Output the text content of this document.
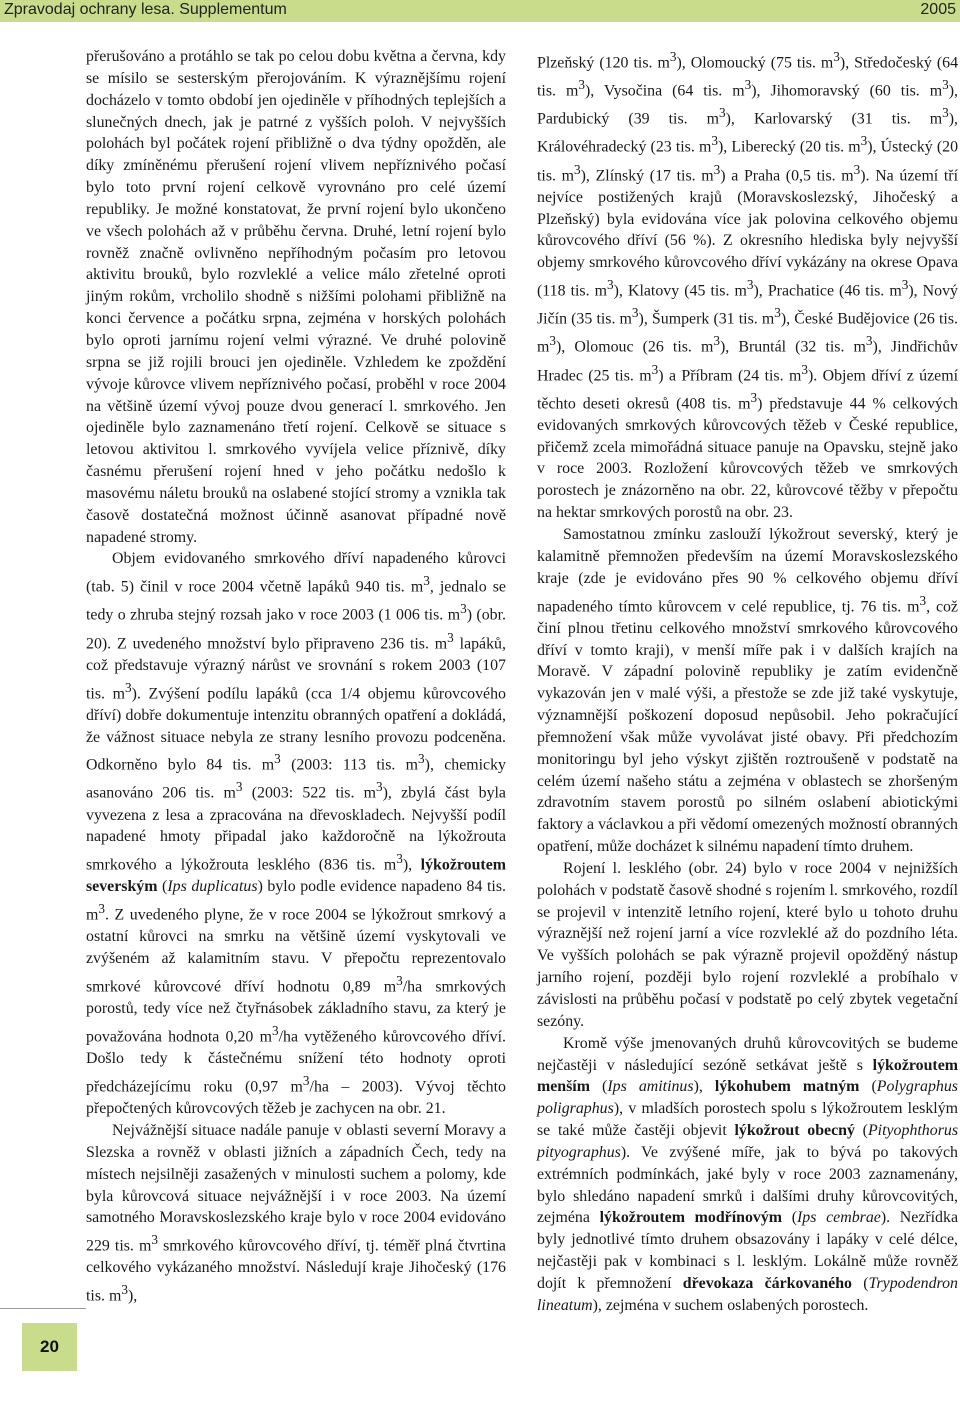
Zpravodaj ochrany lesa. Supplementum	2005

přerušováno a protáhlo se tak po celou dobu května a června, kdy se mísilo se sesterským přerojováním. K výraznějšímu rojení docházelo v tomto období jen ojediněle v příhodných teplejších a slunečných dnech, jak je patrné z vyšších poloh. V nejvyšších polohách byl počátek rojení přibližně o dva týdny opožděn, ale díky zmíněnému přerušení rojení vlivem nepříznivého počasí bylo toto první rojení celkově vyrovnáno pro celé území republiky. Je možné konstatovat, že první rojení bylo ukončeno ve všech polohách až v průběhu června. Druhé, letní rojení bylo rovněž značně ovlivněno nepříhodným počasím pro letovou aktivitu brouků, bylo rozvleklé a velice málo zřetelné oproti jiným rokům, vrcholilo shodně s nižšími polohami přibližně na konci července a počátku srpna, zejména v horských polohách bylo oproti jarnímu rojení velmi výrazné. Ve druhé polovině srpna se již rojili brouci jen ojediněle. Vzhledem ke zpoždění vývoje kůrovce vlivem nepříznivého počasí, proběhl v roce 2004 na většině území vývoj pouze dvou generací l. smrkového. Jen ojediněle bylo zaznamenáno třetí rojení. Celkově se situace s letovou aktivitou l. smrkového vyvíjela velice příznivě, díky časnému přerušení rojení hned v jeho počátku nedošlo k masovému náletu brouků na oslabené stojící stromy a vznikla tak časově dostatečná možnost účinně asanovat případné nově napadené stromy.

Objem evidovaného smrkového dříví napadeného kůrovci (tab. 5) činil v roce 2004 včetně lapáků 940 tis. $m^3$, jednalo se tedy o zhruba stejný rozsah jako v roce 2003 (1 006 tis. $m^3$) (obr. 20). Z uvedeného množství bylo připraveno 236 tis. $m^3$ lapáků, což představuje výrazný nárůst ve srovnání s rokem 2003 (107 tis. $m^3$). Zvýšení podílu lapáků (cca 1/4 objemu kůrovcového dříví) dobře dokumentuje intenzitu obranných opatření a dokládá, že vážnost situace nebyla ze strany lesního provozu podceněna. Odkorněno bylo 84 tis. $m^3$ (2003: 113 tis. $m^3$), chemicky asanováno 206 tis. $m^3$ (2003: 522 tis. $m^3$), zbylá část byla vyvezena z lesa a zpracována na dřevoskladech. Nejvyšší podíl napadené hmoty připadal jako každoročně na lýkožrouta smrkového a lýkožrouta lesklého (836 tis. $m^3$), lýkožroutem severským (Ips duplicatus) bylo podle evidence napadeno 84 tis. $m^3$. Z uvedeného plyne, že v roce 2004 se lýkožrout smrkový a ostatní kůrovci na smrku na většině území vyskytovali ve zvýšeném až kalamitním stavu. V přepočtu reprezentovalo smrkové kůrovcové dříví hodnotu 0,89 $m^3/ha$ smrkových porostů, tedy více než čtyřnásobek základního stavu, za který je považována hodnota 0,20 $m^3/ha$ vytěženého kůrovcového dříví. Došlo tedy k částečnému snížení této hodnoty oproti předcházejícímu roku (0,97 $m^3/ha - 2003$). Vývoj těchto přepočtených kůrovcových těžeb je zachycen na obr. 21.

Nejvážnější situace nadále panuje v oblasti severní Moravy a Slezska a rovněž v oblasti jižních a západních Čech, tedy na místech nejsilněji zasažených v minulosti suchem a polomy, kde byla kůrovcová situace nejvážnější i v roce 2003. Na území samotného Moravskoslezského kraje bylo v roce 2004 evidováno 229 tis. $m^3$ smrkového kůrovcového dříví, tj. téměř plná čtvrtina celkového vykázaného množství. Následují kraje Jihočeský (176 tis. $m^3$),

Plzeňský (120 tis. $m^3$), Olomoucký (75 tis. $m^3$), Středočeský (64 tis. $m^3$), Vysočina (64 tis. $m^3$), Jihomoravský (60 tis. $m^3$), Pardubický (39 tis. $m^3$), Karlovarský (31 tis. $m^3$), Královéhradecký (23 tis. $m^3$), Liberecký (20 tis. $m^3$), Ústecký (20 tis. $m^3$), Zlínský (17 tis. $m^3$) a Praha (0,5 tis. $m^3$). Na území tří nejvíce postižených krajů (Moravskoslezský, Jihočeský a Plzeňský) byla evidována více jak polovina celkového objemu kůrovcového dříví (56 %). Z okresního hlediska byly nejvyšší objemy smrkového kůrovcového dříví vykázány na okrese Opava (118 tis. $m^3$), Klatovy (45 tis. $m^3$), Prachatice (46 tis. $m^3$), Nový Jičín (35 tis. $m^3$), Šumperk (31 tis. $m^3$), České Budějovice (26 tis. $m^3$), Olomouc (26 tis. $m^3$), Bruntál (32 tis. $m^3$), Jindřichův Hradec (25 tis. $m^3$) a Příbram (24 tis. $m^3$). Objem dříví z území těchto deseti okresů (408 tis. $m^3$) představuje 44 % celkových evidovaných smrkových kůrovcových těžeb v České republice, přičemž zcela mimořádná situace panuje na Opavsku, stejně jako v roce 2003. Rozložení kůrovcových těžeb ve smrkových porostech je znázorněno na obr. 22, kůrovcové těžby v přepočtu na hektar smrkových porostů na obr. 23.

Samostatnou zmínku zaslouží lýkožrout severský, který je kalamitně přemnožen především na území Moravskoslezského kraje (zde je evidováno přes 90 % celkového objemu dříví napadeného tímto kůrovcem v celé republice, tj. 76 tis. $m^3$, což činí plnou třetinu celkového množství smrkového kůrovcového dříví v tomto kraji), v menší míře pak i v dalších krajích na Moravě. V západní polovině republiky je zatím evidenčně vykazován jen v malé výši, a přestože se zde již také vyskytuje, významnější poškození doposud nepůsobil. Jeho pokračující přemnožení však může vyvolávat jisté obavy. Při předchozím monitoringu byl jeho výskyt zjištěn roztroušeně v podstatě na celém území našeho státu a zejména v oblastech se zhoršeným zdravotním stavem porostů po silném oslabení abiotickými faktory a václavkou a při vědomí omezených možností obranných opatření, může docházet k silnému napadení tímto druhem.

Rojení l. lesklého (obr. 24) bylo v roce 2004 v nejnižších polohách v podstatě časově shodné s rojením l. smrkového, rozdíl se projevil v intenzitě letního rojení, které bylo u tohoto druhu výraznější než rojení jarní a více rozvleklé až do pozdního léta. Ve vyšších polohách se pak výrazně projevil opožděný nástup jarního rojení, později bylo rojení rozvleklé a probíhalo v závislosti na průběhu počasí v podstatě po celý zbytek vegetační sezóny.

Kromě výše jmenovaných druhů kůrovcovitých se budeme nejčastěji v následující sezóně setkávat ještě s lýkožroutem menším (Ips amitinus), lýkohubem matným (Polygraphus poligraphus), v mladších porostech spolu s lýkožroutem lesklým se také může častěji objevit lýkožrout obecný (Pityophthorus pityographus). Ve zvýšené míře, jak to bývá po takových extrémních podmínkách, jaké byly v roce 2003 zaznamenány, bylo shledáno napadení smrků i dalšími druhy kůrovcovitých, zejména lýkožroutem modřínovým (Ips cembrae). Nezřídka byly jednotlivé tímto druhem obsazovány i lapáky v celé délce, nejčastěji pak v kombinaci s l. lesklým. Lokálně může rovněž dojít k přemnožení dřevokaza čárkovaného (Trypodendron lineatum), zejména v suchem oslabených porostech.

20
